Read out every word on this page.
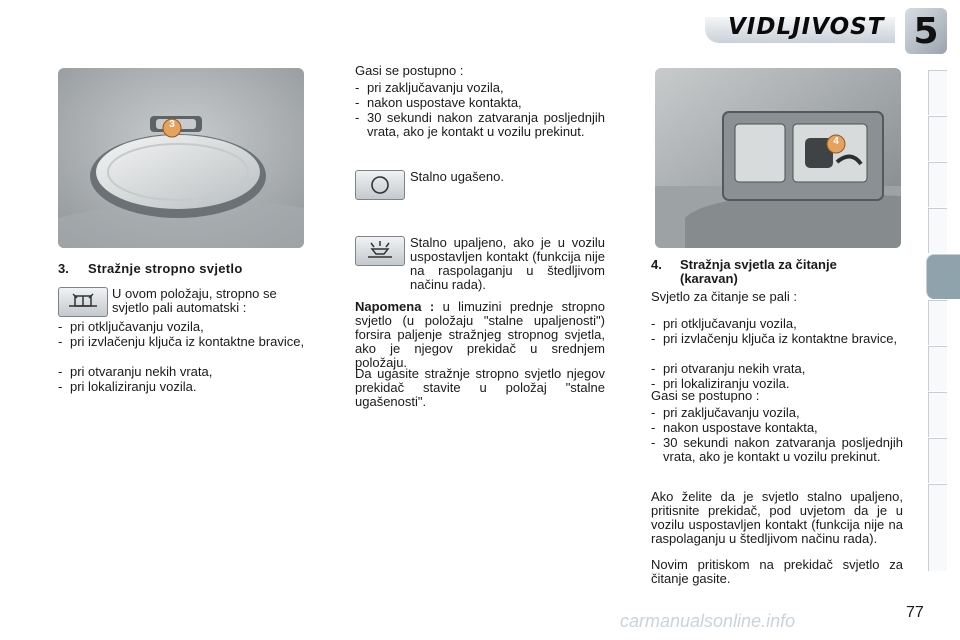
VIDLJIVOST 5
3
4
3. Stražnje stropno svjetlo
U ovom položaju, stropno se svjetlo pali automatski :
- pri otključavanju vozila,
- pri izvlačenju ključa iz kontaktne bravice,
- pri otvaranju nekih vrata,
- pri lokaliziranju vozila.
Gasi se postupno :
- pri zaključavanju vozila,
- nakon uspostave kontakta,
- 30 sekundi nakon zatvaranja posljednjih vrata, ako je kontakt u vozilu prekinut.
Stalno ugašeno.
Stalno upaljeno, ako je u vozilu uspostavljen kontakt (funkcija nije na raspolaganju u štedljivom načinu rada).
Napomena : u limuzini prednje stropno svjetlo (u položaju "stalne upaljenosti") forsira paljenje stražnjeg stropnog svjetla, ako je njegov prekidač u srednjem položaju.
Da ugasite stražnje stropno svjetlo njegov prekidač stavite u položaj "stalne ugašenosti".
4. Stražnja svjetla za čitanje (karavan)
Svjetlo za čitanje se pali :
- pri otključavanju vozila,
- pri izvlačenju ključa iz kontaktne bravice,
- pri otvaranju nekih vrata,
- pri lokaliziranju vozila.
Gasi se postupno :
- pri zaključavanju vozila,
- nakon uspostave kontakta,
- 30 sekundi nakon zatvaranja posljednjih vrata, ako je kontakt u vozilu prekinut.
Ako želite da je svjetlo stalno upaljeno, pritisnite prekidač, pod uvjetom da je u vozilu uspostavljen kontakt (funkcija nije na raspolaganju u štedljivom načinu rada).
Novim pritiskom na prekidač svjetlo za čitanje gasite.
carmanualsonline.info	77
